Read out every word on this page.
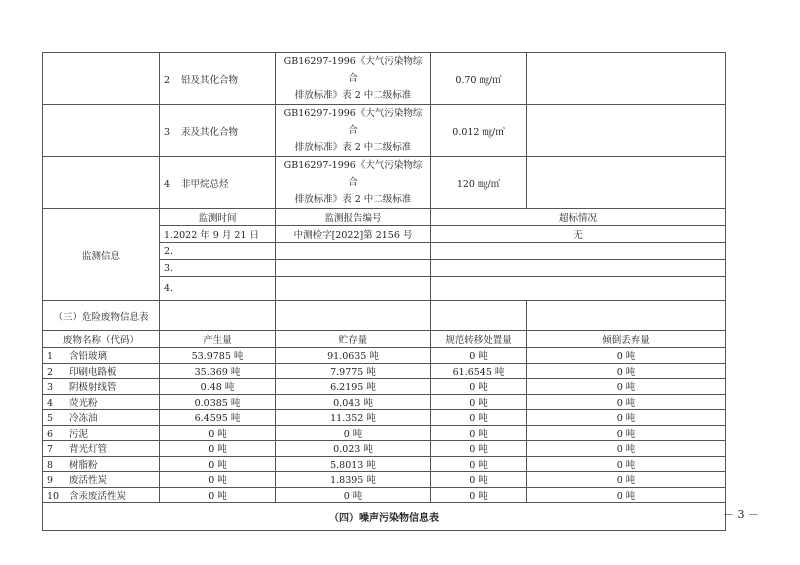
	2 铅及其化合物	GB16297-1996《大气污染物综合
排放标准》表 2 中二级标准	0.70 ㎎/㎥	
	3 汞及其化合物	GB16297-1996《大气污染物综合
排放标准》表 2 中二级标准	0.012 ㎎/㎥	
	4 非甲烷总烃	GB16297-1996《大气污染物综合
排放标准》表 2 中二级标准	120 ㎎/㎥	
监测信息	监测时间	监测报告编号	超标情况	
	1.2022 年 9 月 21 日	中测检字[2022]第 2156 号	无	
	2.			
	3.			
	4.			
（三）危险废物信息表				
废物名称（代码）	产生量	贮存量	规范转移处置量	倾倒丢弃量
1 含铅玻璃	53.9785 吨	91.0635 吨	0 吨	0 吨
2 印刷电路板	35.369 吨	7.9775 吨	61.6545 吨	0 吨
3 阴极射线管	0.48 吨	6.2195 吨	0 吨	0 吨
4 荧光粉	0.0385 吨	0.043 吨	0 吨	0 吨
5 冷冻油	6.4595 吨	11.352 吨	0 吨	0 吨
6 污泥	0 吨	0 吨	0 吨	0 吨
7 背光灯管	0 吨	0.023 吨	0 吨	0 吨
8 树脂粉	0 吨	5.8013 吨	0 吨	0 吨
9 废活性炭	0 吨	1.8395 吨	0 吨	0 吨
10 含汞废活性炭	0 吨	0 吨	0 吨	0 吨
（四）噪声污染物信息表					－ 3 －
